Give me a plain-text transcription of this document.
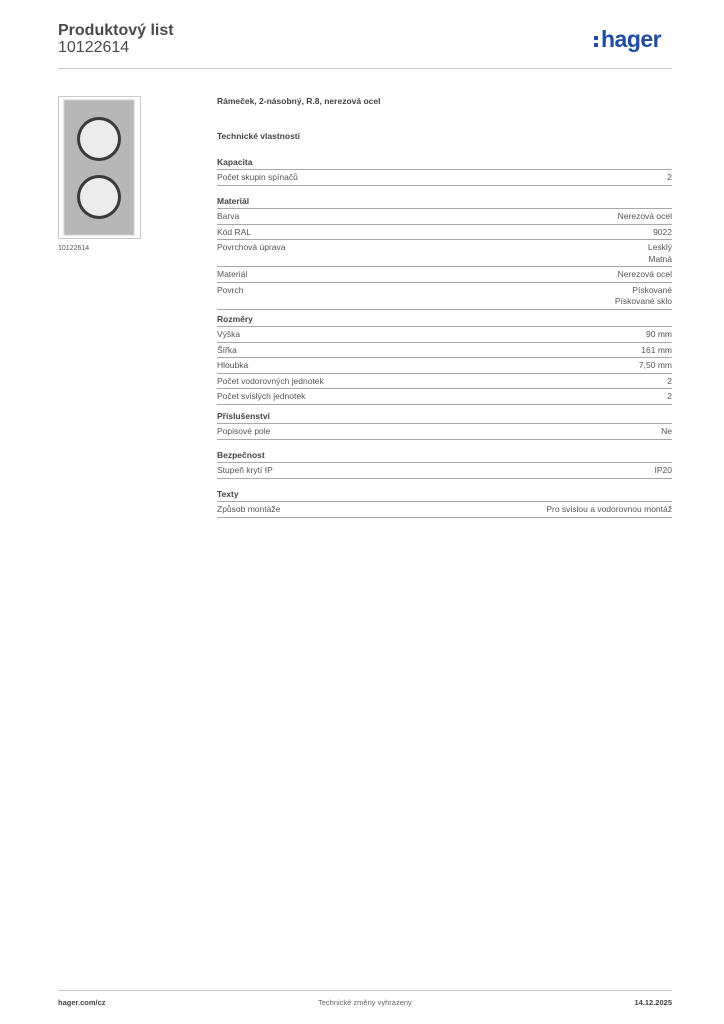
Produktový list
10122614	hager
10122614
Rámeček, 2-násobný, R.8, nerezová ocel
Technické vlastnosti
Kapacita
Počet skupin spínačů	2
Materiál
Barva	Nerezová ocel
Kód RAL	9022
Povrchová úprava	Lesklý
Matná
Materiál	Nerezová ocel
Povrch	Pískované
Pískované sklo
Rozměry
Výška	90 mm
Šířka	161 mm
Hloubka	7,50 mm
Počet vodorovných jednotek	2
Počet svislých jednotek	2
Příslušenství
Popisové pole	Ne
Bezpečnost
Stupeň krytí IP	IP20
Texty
Způsob montáže	Pro svislou a vodorovnou montáž
hager.com/cz	Technické změny vyhrazeny	14.12.2025
